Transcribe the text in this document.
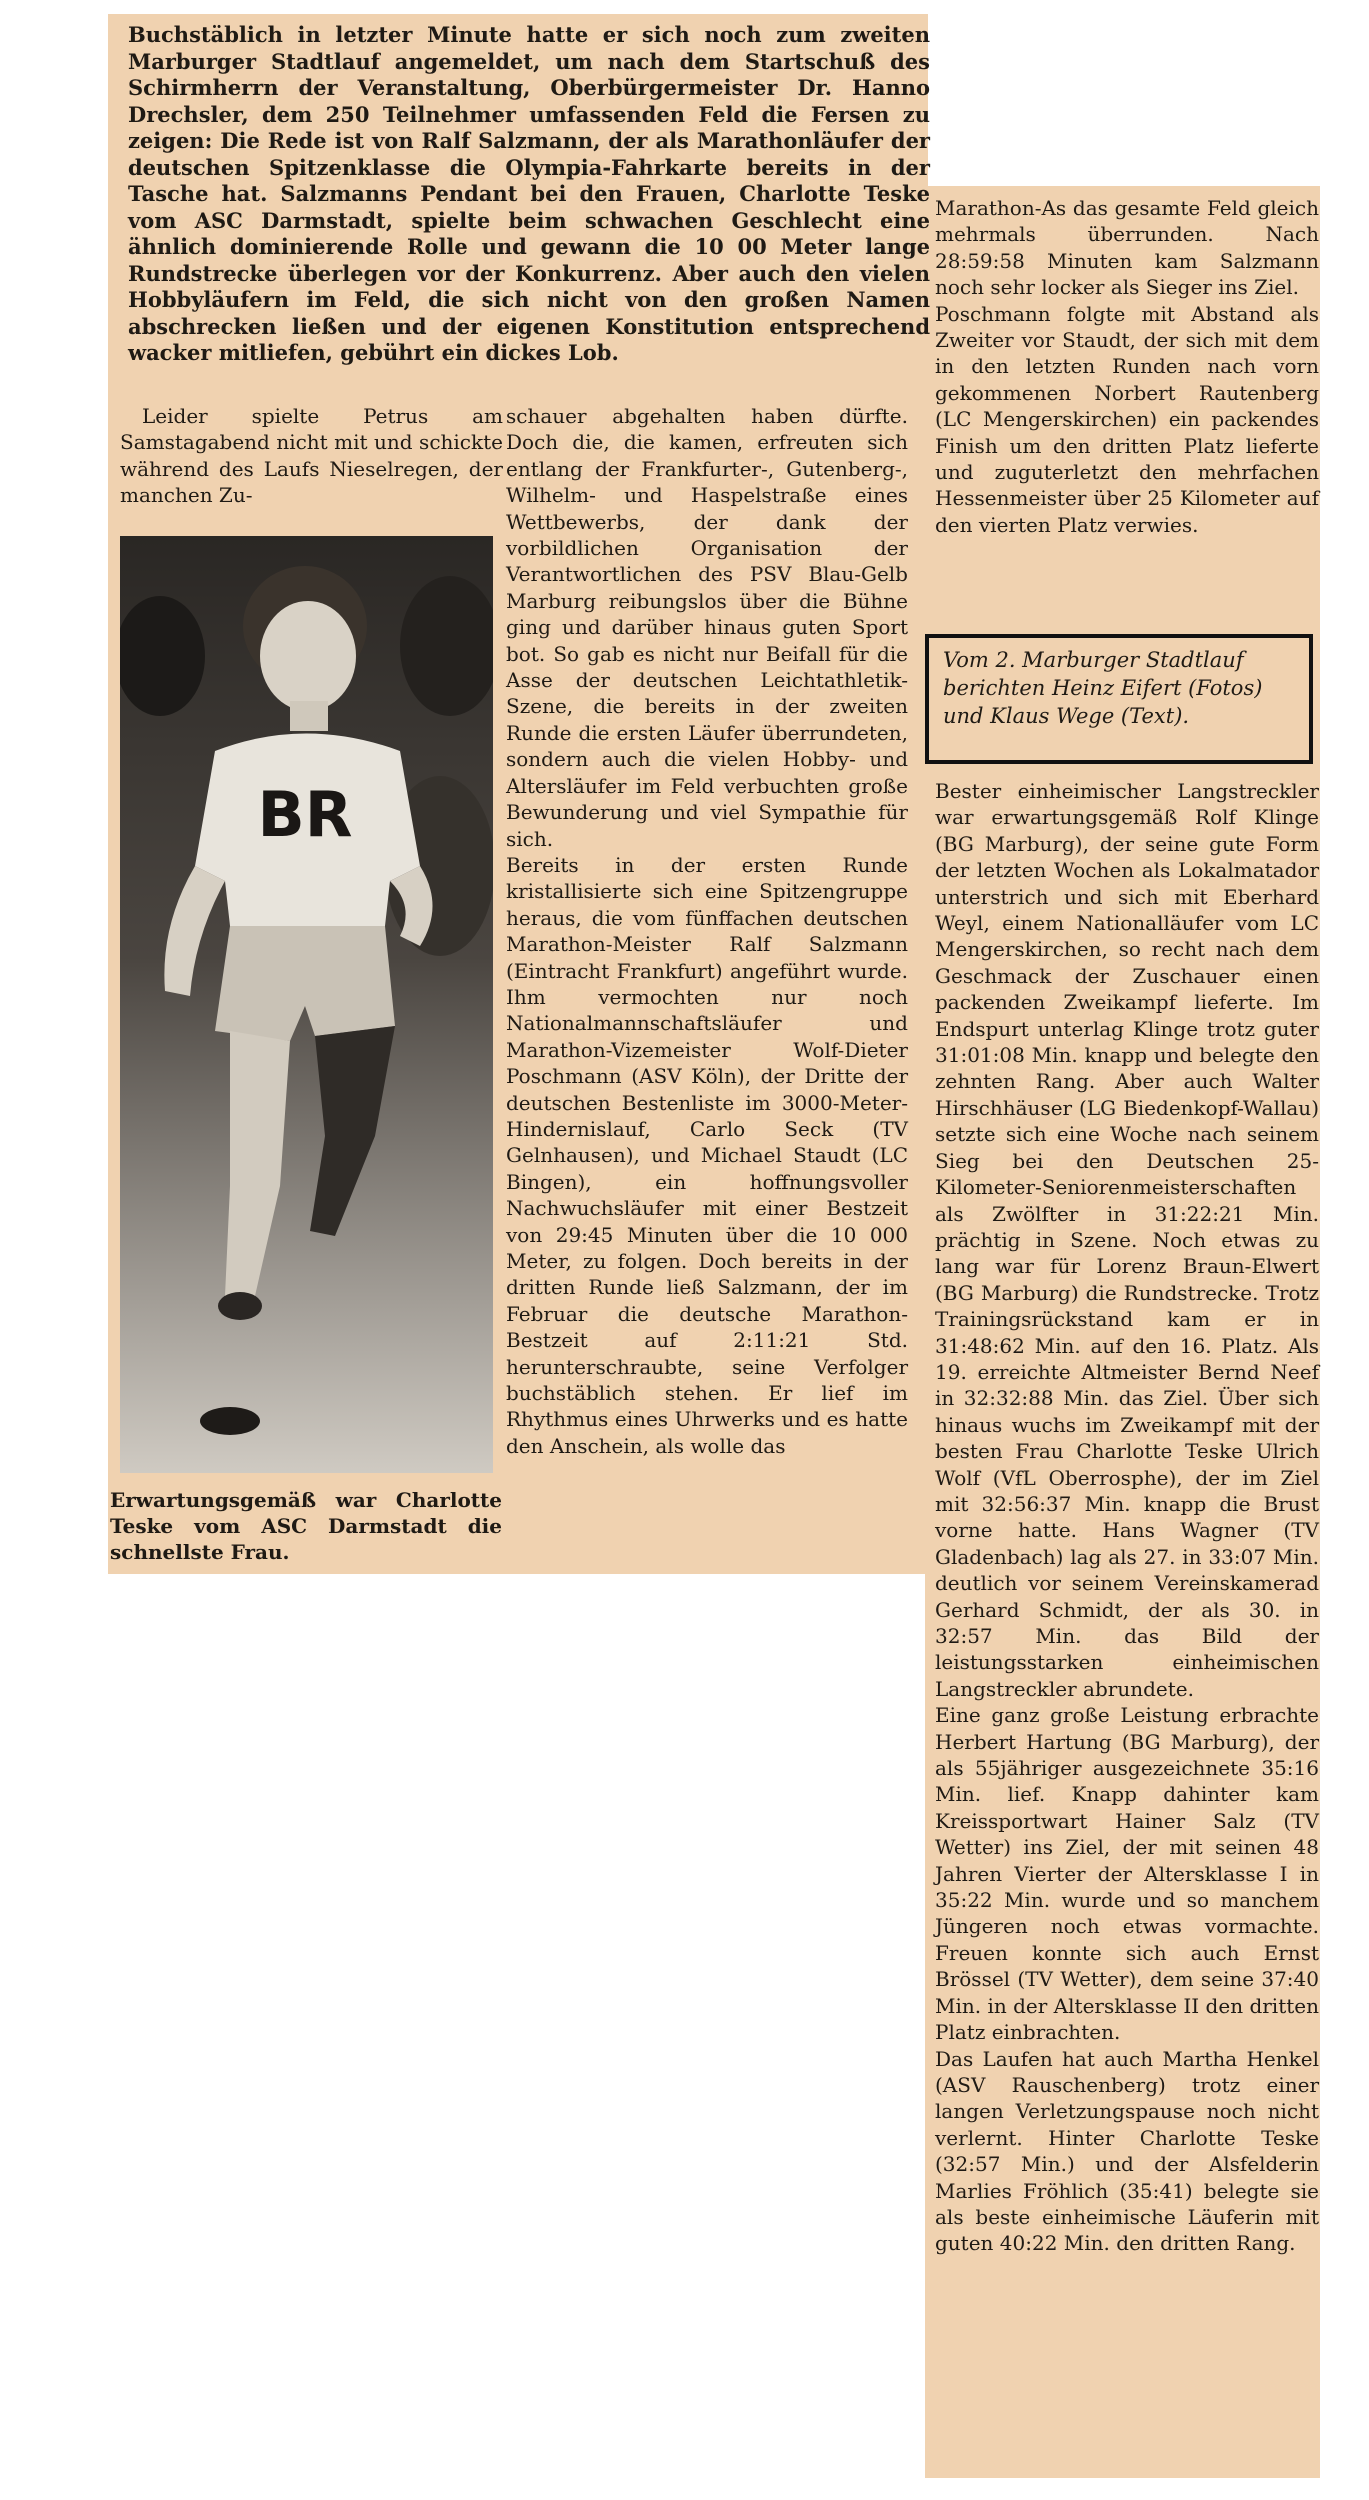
Buchstäblich in letzter Minute hatte er sich noch zum zweiten Marburger Stadtlauf angemeldet, um nach dem Startschuß des Schirmherrn der Veranstaltung, Oberbürgermeister Dr. Hanno Drechsler, dem 250 Teilnehmer umfassenden Feld die Fersen zu zeigen: Die Rede ist von Ralf Salzmann, der als Marathonläufer der deutschen Spitzenklasse die Olympia-Fahrkarte bereits in der Tasche hat. Salzmanns Pendant bei den Frauen, Charlotte Teske vom ASC Darmstadt, spielte beim schwachen Geschlecht eine ähnlich dominierende Rolle und gewann die 10 00 Meter lange Rundstrecke überlegen vor der Konkurrenz. Aber auch den vielen Hobbyläufern im Feld, die sich nicht von den großen Namen abschrecken ließen und der eigenen Konstitution entsprechend wacker mitliefen, gebührt ein dickes Lob.
Leider spielte Petrus am Samstagabend nicht mit und schickte während des Laufs Nieselregen, der manchen Zu-
BR
Erwartungsgemäß war Charlotte Teske vom ASC Darmstadt die schnellste Frau.
schauer abgehalten haben dürfte. Doch die, die kamen, erfreuten sich entlang der Frankfurter-, Gutenberg-, Wilhelm- und Haspelstraße eines Wettbewerbs, der dank der vorbildlichen Organisation der Verantwortlichen des PSV Blau-Gelb Marburg reibungslos über die Bühne ging und darüber hinaus guten Sport bot. So gab es nicht nur Beifall für die Asse der deutschen Leichtathletik-Szene, die bereits in der zweiten Runde die ersten Läufer überrundeten, sondern auch die vielen Hobby- und Altersläufer im Feld verbuchten große Bewunderung und viel Sympathie für sich.
Bereits in der ersten Runde kristallisierte sich eine Spitzengruppe heraus, die vom fünffachen deutschen Marathon-Meister Ralf Salzmann (Eintracht Frankfurt) angeführt wurde. Ihm vermochten nur noch Nationalmannschaftsläufer und Marathon-Vizemeister Wolf-Dieter Poschmann (ASV Köln), der Dritte der deutschen Bestenliste im 3000-Meter-Hindernislauf, Carlo Seck (TV Gelnhausen), und Michael Staudt (LC Bingen), ein hoffnungsvoller Nachwuchsläufer mit einer Bestzeit von 29:45 Minuten über die 10 000 Meter, zu folgen. Doch bereits in der dritten Runde ließ Salzmann, der im Februar die deutsche Marathon-Bestzeit auf 2:11:21 Std. herunterschraubte, seine Verfolger buchstäblich stehen. Er lief im Rhythmus eines Uhrwerks und es hatte den Anschein, als wolle das
Marathon-As das gesamte Feld gleich mehrmals überrunden. Nach 28:59:58 Minuten kam Salzmann noch sehr locker als Sieger ins Ziel.
Poschmann folgte mit Abstand als Zweiter vor Staudt, der sich mit dem in den letzten Runden nach vorn gekommenen Norbert Rautenberg (LC Mengerskirchen) ein packendes Finish um den dritten Platz lieferte und zuguterletzt den mehrfachen Hessenmeister über 25 Kilometer auf den vierten Platz verwies.
Vom 2. Marburger Stadtlauf berichten Heinz Eifert (Fotos) und Klaus Wege (Text).
Bester einheimischer Langstreckler war erwartungsgemäß Rolf Klinge (BG Marburg), der seine gute Form der letzten Wochen als Lokalmatador unterstrich und sich mit Eberhard Weyl, einem Nationalläufer vom LC Mengerskirchen, so recht nach dem Geschmack der Zuschauer einen packenden Zweikampf lieferte. Im Endspurt unterlag Klinge trotz guter 31:01:08 Min. knapp und belegte den zehnten Rang. Aber auch Walter Hirschhäuser (LG Biedenkopf-Wallau) setzte sich eine Woche nach seinem Sieg bei den Deutschen 25-Kilometer-Seniorenmeisterschaften als Zwölfter in 31:22:21 Min. prächtig in Szene. Noch etwas zu lang war für Lorenz Braun-Elwert (BG Marburg) die Rundstrecke. Trotz Trainingsrückstand kam er in 31:48:62 Min. auf den 16. Platz. Als 19. erreichte Altmeister Bernd Neef in 32:32:88 Min. das Ziel. Über sich hinaus wuchs im Zweikampf mit der besten Frau Charlotte Teske Ulrich Wolf (VfL Oberrosphe), der im Ziel mit 32:56:37 Min. knapp die Brust vorne hatte. Hans Wagner (TV Gladenbach) lag als 27. in 33:07 Min. deutlich vor seinem Vereinskamerad Gerhard Schmidt, der als 30. in 32:57 Min. das Bild der leistungsstarken einheimischen Langstreckler abrundete.
Eine ganz große Leistung erbrachte Herbert Hartung (BG Marburg), der als 55jähriger ausgezeichnete 35:16 Min. lief. Knapp dahinter kam Kreissportwart Hainer Salz (TV Wetter) ins Ziel, der mit seinen 48 Jahren Vierter der Altersklasse I in 35:22 Min. wurde und so manchem Jüngeren noch etwas vormachte. Freuen konnte sich auch Ernst Brössel (TV Wetter), dem seine 37:40 Min. in der Altersklasse II den dritten Platz einbrachten.
Das Laufen hat auch Martha Henkel (ASV Rauschenberg) trotz einer langen Verletzungspause noch nicht verlernt. Hinter Charlotte Teske (32:57 Min.) und der Alsfelderin Marlies Fröhlich (35:41) belegte sie als beste einheimische Läuferin mit guten 40:22 Min. den dritten Rang.
